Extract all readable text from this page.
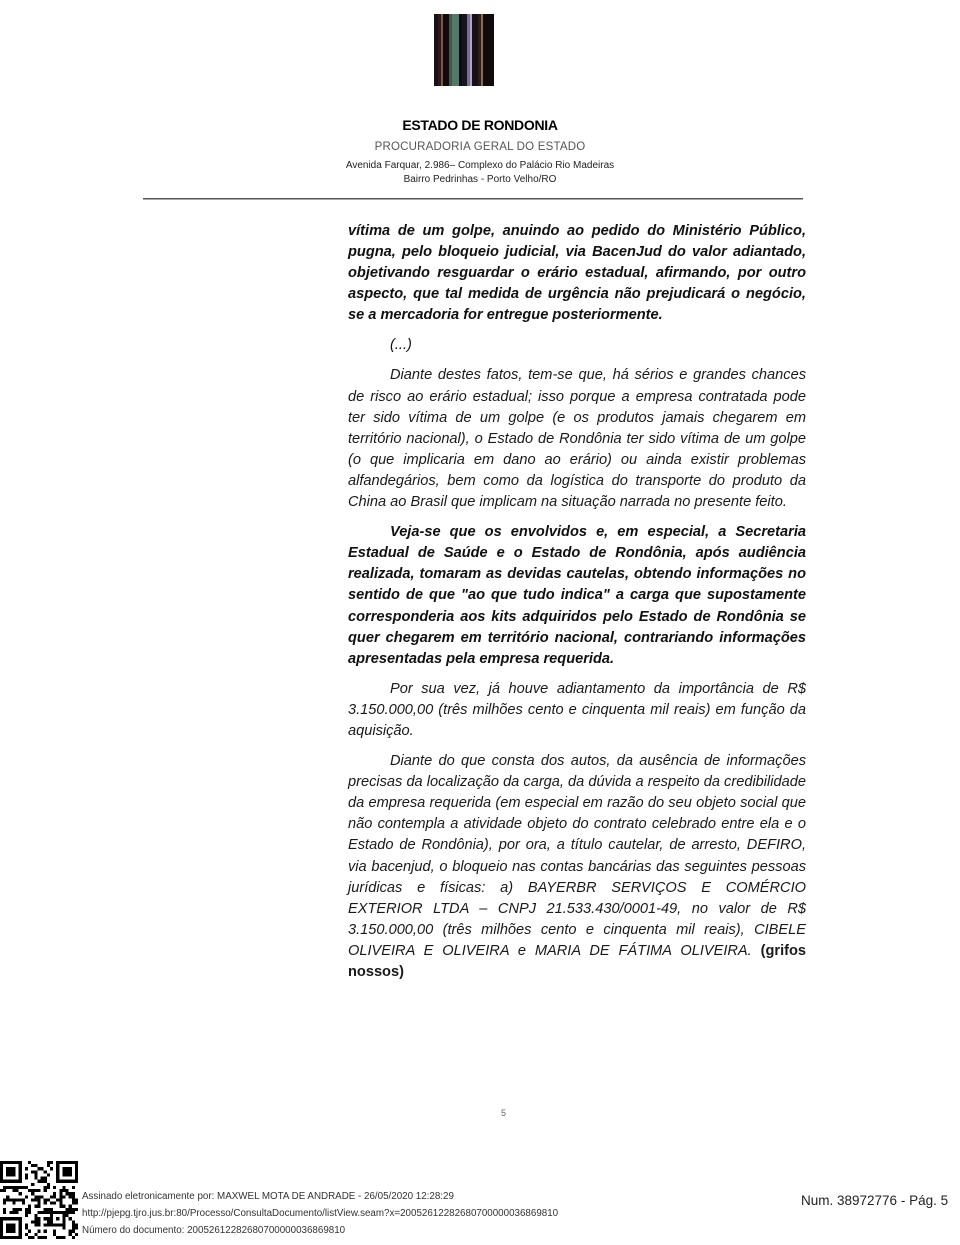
ESTADO DE RONDONIA
PROCURADORIA GERAL DO ESTADO
Avenida Farquar, 2.986– Complexo do Palácio Rio Madeiras
Bairro Pedrinhas - Porto Velho/RO

vítima de um golpe, anuindo ao pedido do Ministério Público, pugna, pelo bloqueio judicial, via BacenJud do valor adiantado, objetivando resguardar o erário estadual, afirmando, por outro aspecto, que tal medida de urgência não prejudicará o negócio, se a mercadoria for entregue posteriormente.

(...)

Diante destes fatos, tem-se que, há sérios e grandes chances de risco ao erário estadual; isso porque a empresa contratada pode ter sido vítima de um golpe (e os produtos jamais chegarem em território nacional), o Estado de Rondônia ter sido vítima de um golpe (o que implicaria em dano ao erário) ou ainda existir problemas alfandegários, bem como da logística do transporte do produto da China ao Brasil que implicam na situação narrada no presente feito.

Veja-se que os envolvidos e, em especial, a Secretaria Estadual de Saúde e o Estado de Rondônia, após audiência realizada, tomaram as devidas cautelas, obtendo informações no sentido de que "ao que tudo indica" a carga que supostamente corresponderia aos kits adquiridos pelo Estado de Rondônia se quer chegarem em território nacional, contrariando informações apresentadas pela empresa requerida.

Por sua vez, já houve adiantamento da importância de R$ 3.150.000,00 (três milhões cento e cinquenta mil reais) em função da aquisição.

Diante do que consta dos autos, da ausência de informações precisas da localização da carga, da dúvida a respeito da credibilidade da empresa requerida (em especial em razão do seu objeto social que não contempla a atividade objeto do contrato celebrado entre ela e o Estado de Rondônia), por ora, a título cautelar, de arresto, DEFIRO, via bacenjud, o bloqueio nas contas bancárias das seguintes pessoas jurídicas e físicas: a) BAYERBR SERVIÇOS E COMÉRCIO EXTERIOR LTDA – CNPJ 21.533.430/0001-49, no valor de R$ 3.150.000,00 (três milhões cento e cinquenta mil reais), CIBELE OLIVEIRA E OLIVEIRA e MARIA DE FÁTIMA OLIVEIRA. (grifos nossos)

5
Assinado eletronicamente por: MAXWEL MOTA DE ANDRADE - 26/05/2020 12:28:29
http://pjepg.tjro.jus.br:80/Processo/ConsultaDocumento/listView.seam?x=20052612282680700000036869810
Número do documento: 20052612282680700000036869810
Num. 38972776 - Pág. 5
